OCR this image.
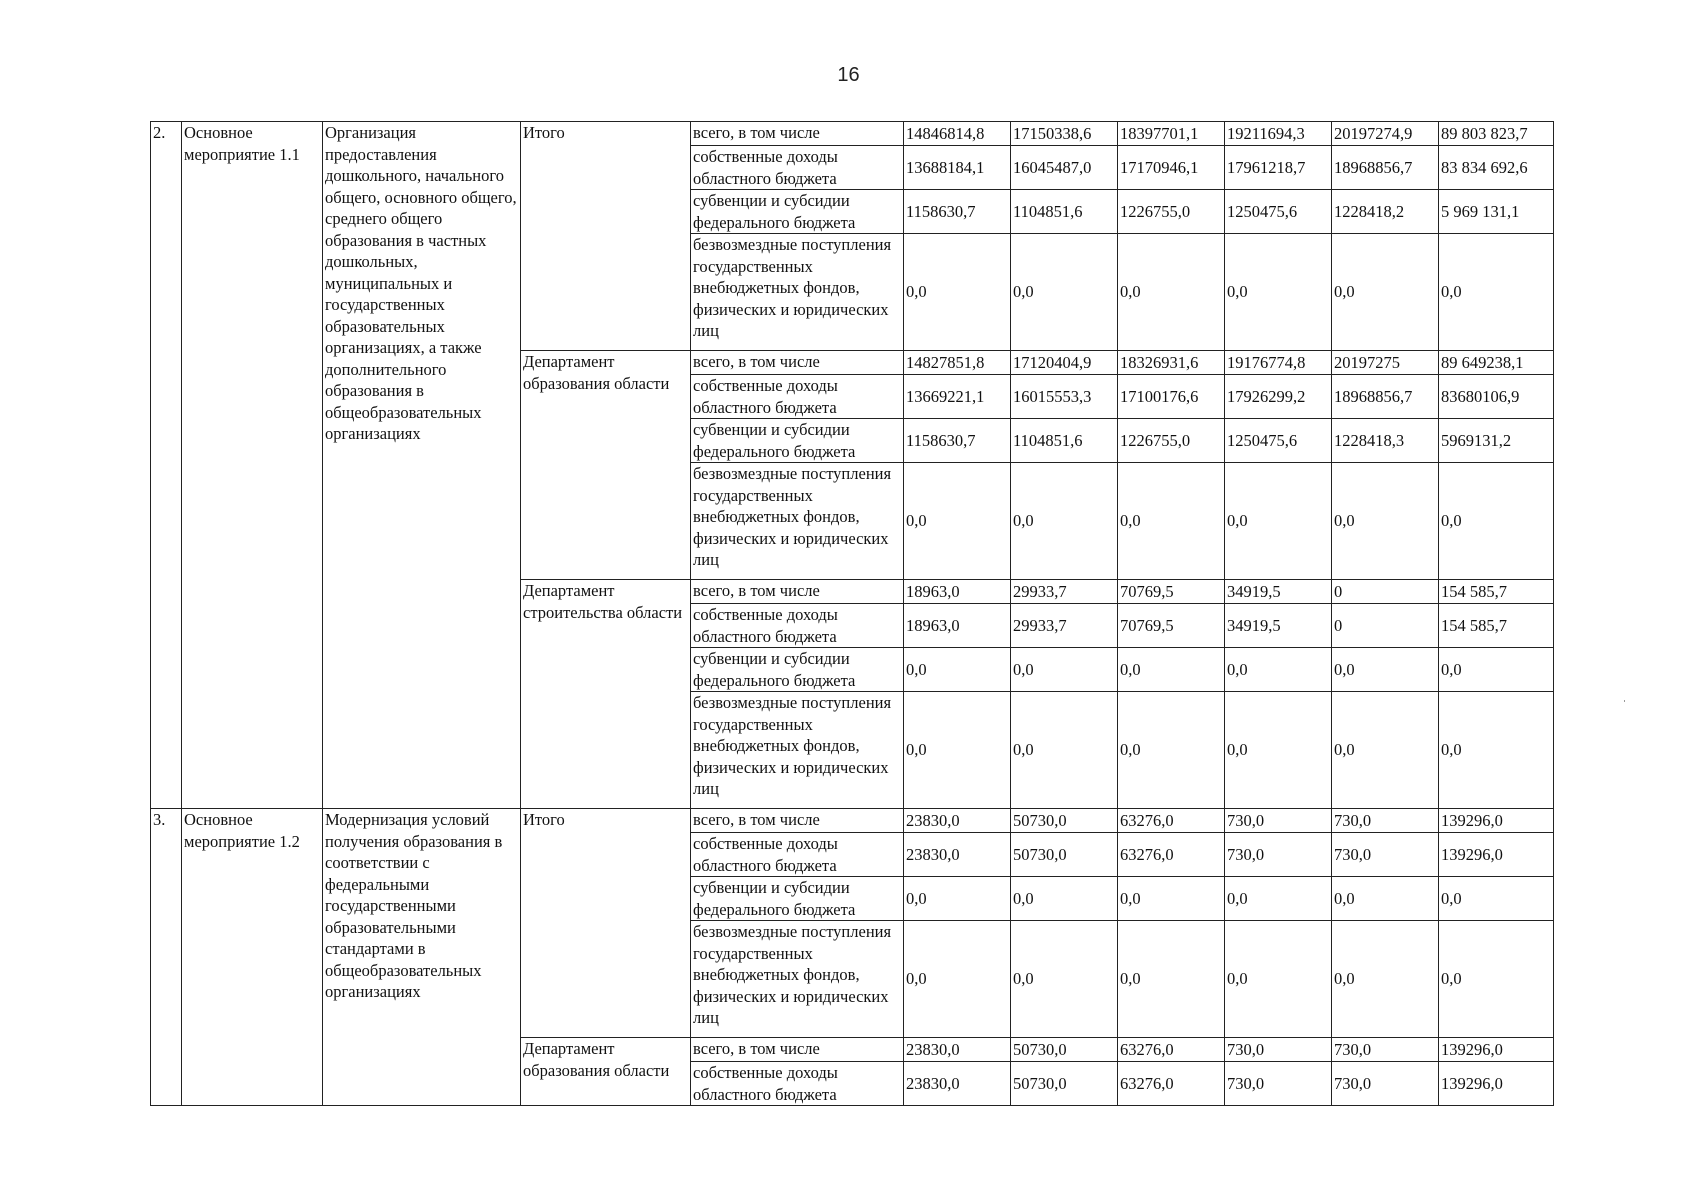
16
2.	Основное мероприятие 1.1	Организация предоставления дошкольного, начального общего, основного общего, среднего общего образования в частных дошкольных, муниципальных и государственных образовательных организациях, а также дополнительного образования в общеобразовательных организациях	Итого	всего, в том числе	14846814,8	17150338,6	18397701,1	19211694,3	20197274,9	89 803 823,7
				собственные доходы областного бюджета	13688184,1	16045487,0	17170946,1	17961218,7	18968856,7	83 834 692,6
				субвенции и субсидии федерального бюджета	1158630,7	1104851,6	1226755,0	1250475,6	1228418,2	5 969 131,1
				безвозмездные поступления государственных внебюджетных фондов, физических и юридических лиц	0,0	0,0	0,0	0,0	0,0	0,0
			Департамент образования области	всего, в том числе	14827851,8	17120404,9	18326931,6	19176774,8	20197275	89 649238,1
				собственные доходы областного бюджета	13669221,1	16015553,3	17100176,6	17926299,2	18968856,7	83680106,9
				субвенции и субсидии федерального бюджета	1158630,7	1104851,6	1226755,0	1250475,6	1228418,3	5969131,2
				безвозмездные поступления государственных внебюджетных фондов, физических и юридических лиц	0,0	0,0	0,0	0,0	0,0	0,0
			Департамент строительства области	всего, в том числе	18963,0	29933,7	70769,5	34919,5	0	154 585,7
				собственные доходы областного бюджета	18963,0	29933,7	70769,5	34919,5	0	154 585,7
				субвенции и субсидии федерального бюджета	0,0	0,0	0,0	0,0	0,0	0,0
				безвозмездные поступления государственных внебюджетных фондов, физических и юридических лиц	0,0	0,0	0,0	0,0	0,0	0,0
3.	Основное мероприятие 1.2	Модернизация условий получения образования в соответствии с федеральными государственными образовательными стандартами в общеобразовательных организациях	Итого	всего, в том числе	23830,0	50730,0	63276,0	730,0	730,0	139296,0
				собственные доходы областного бюджета	23830,0	50730,0	63276,0	730,0	730,0	139296,0
				субвенции и субсидии федерального бюджета	0,0	0,0	0,0	0,0	0,0	0,0
				безвозмездные поступления государственных внебюджетных фондов, физических и юридических лиц	0,0	0,0	0,0	0,0	0,0	0,0
			Департамент образования области	всего, в том числе	23830,0	50730,0	63276,0	730,0	730,0	139296,0
				собственные доходы областного бюджета	23830,0	50730,0	63276,0	730,0	730,0	139296,0
